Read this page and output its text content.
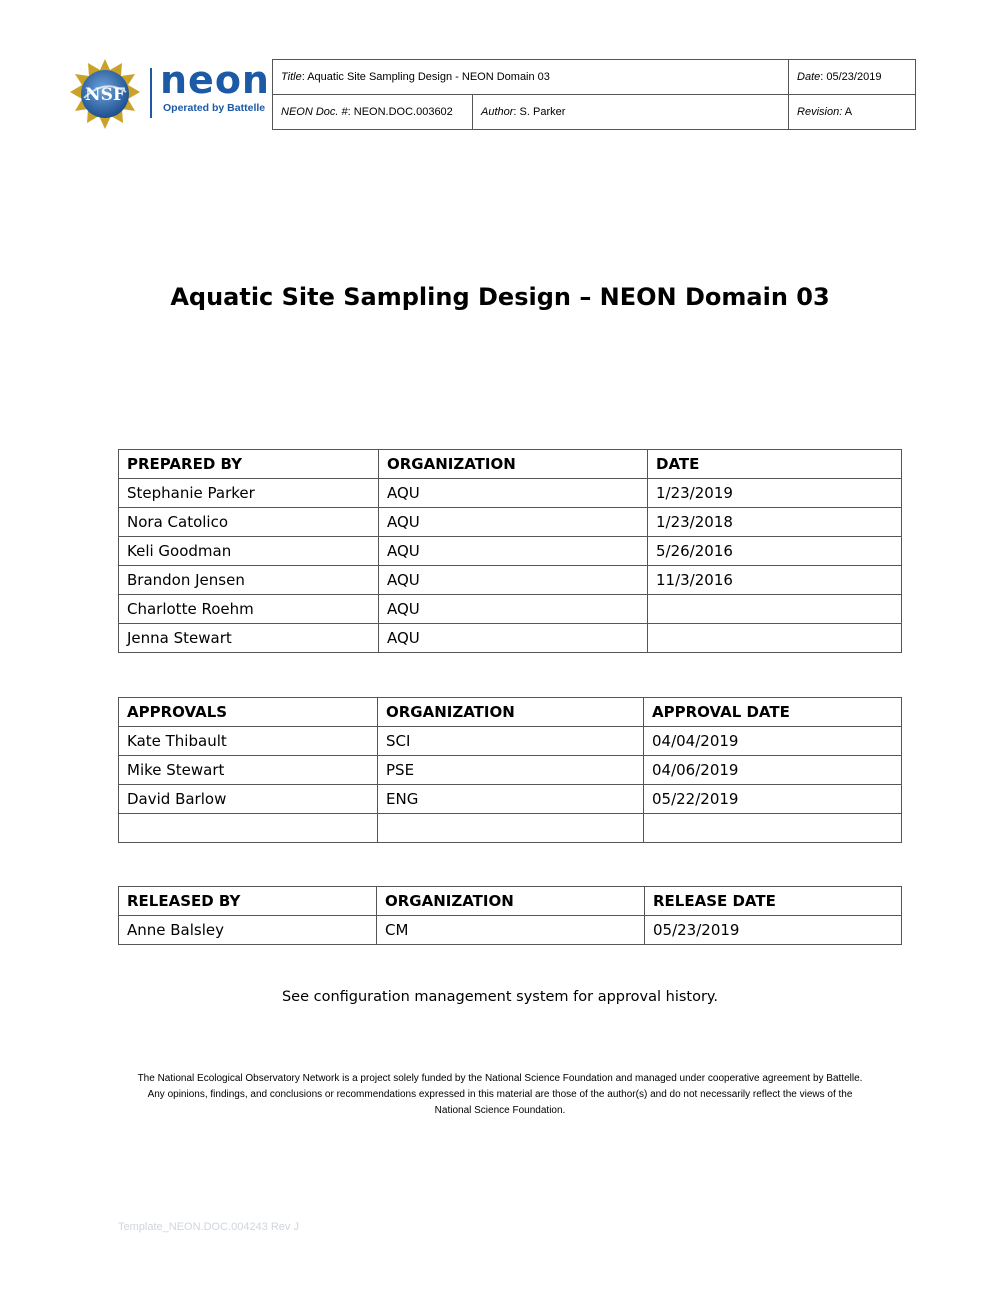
NSF neon
Operated by Battelle
Title: Aquatic Site Sampling Design - NEON Domain 03		Date: 05/23/2019
NEON Doc. #: NEON.DOC.003602	Author: S. Parker	Revision: A
Aquatic Site Sampling Design – NEON Domain 03
PREPARED BY	ORGANIZATION	DATE
Stephanie Parker	AQU	1/23/2019
Nora Catolico	AQU	1/23/2018
Keli Goodman	AQU	5/26/2016
Brandon Jensen	AQU	11/3/2016
Charlotte Roehm	AQU	
Jenna Stewart	AQU	
APPROVALS	ORGANIZATION	APPROVAL DATE
Kate Thibault	SCI	04/04/2019
Mike Stewart	PSE	04/06/2019
David Barlow	ENG	05/22/2019

RELEASED BY	ORGANIZATION	RELEASE DATE
Anne Balsley	CM	05/23/2019
See configuration management system for approval history.
The National Ecological Observatory Network is a project solely funded by the National Science Foundation and managed under cooperative agreement by Battelle.
Any opinions, findings, and conclusions or recommendations expressed in this material are those of the author(s) and do not necessarily reflect the views of the
National Science Foundation.
Template_NEON.DOC.004243 Rev J
